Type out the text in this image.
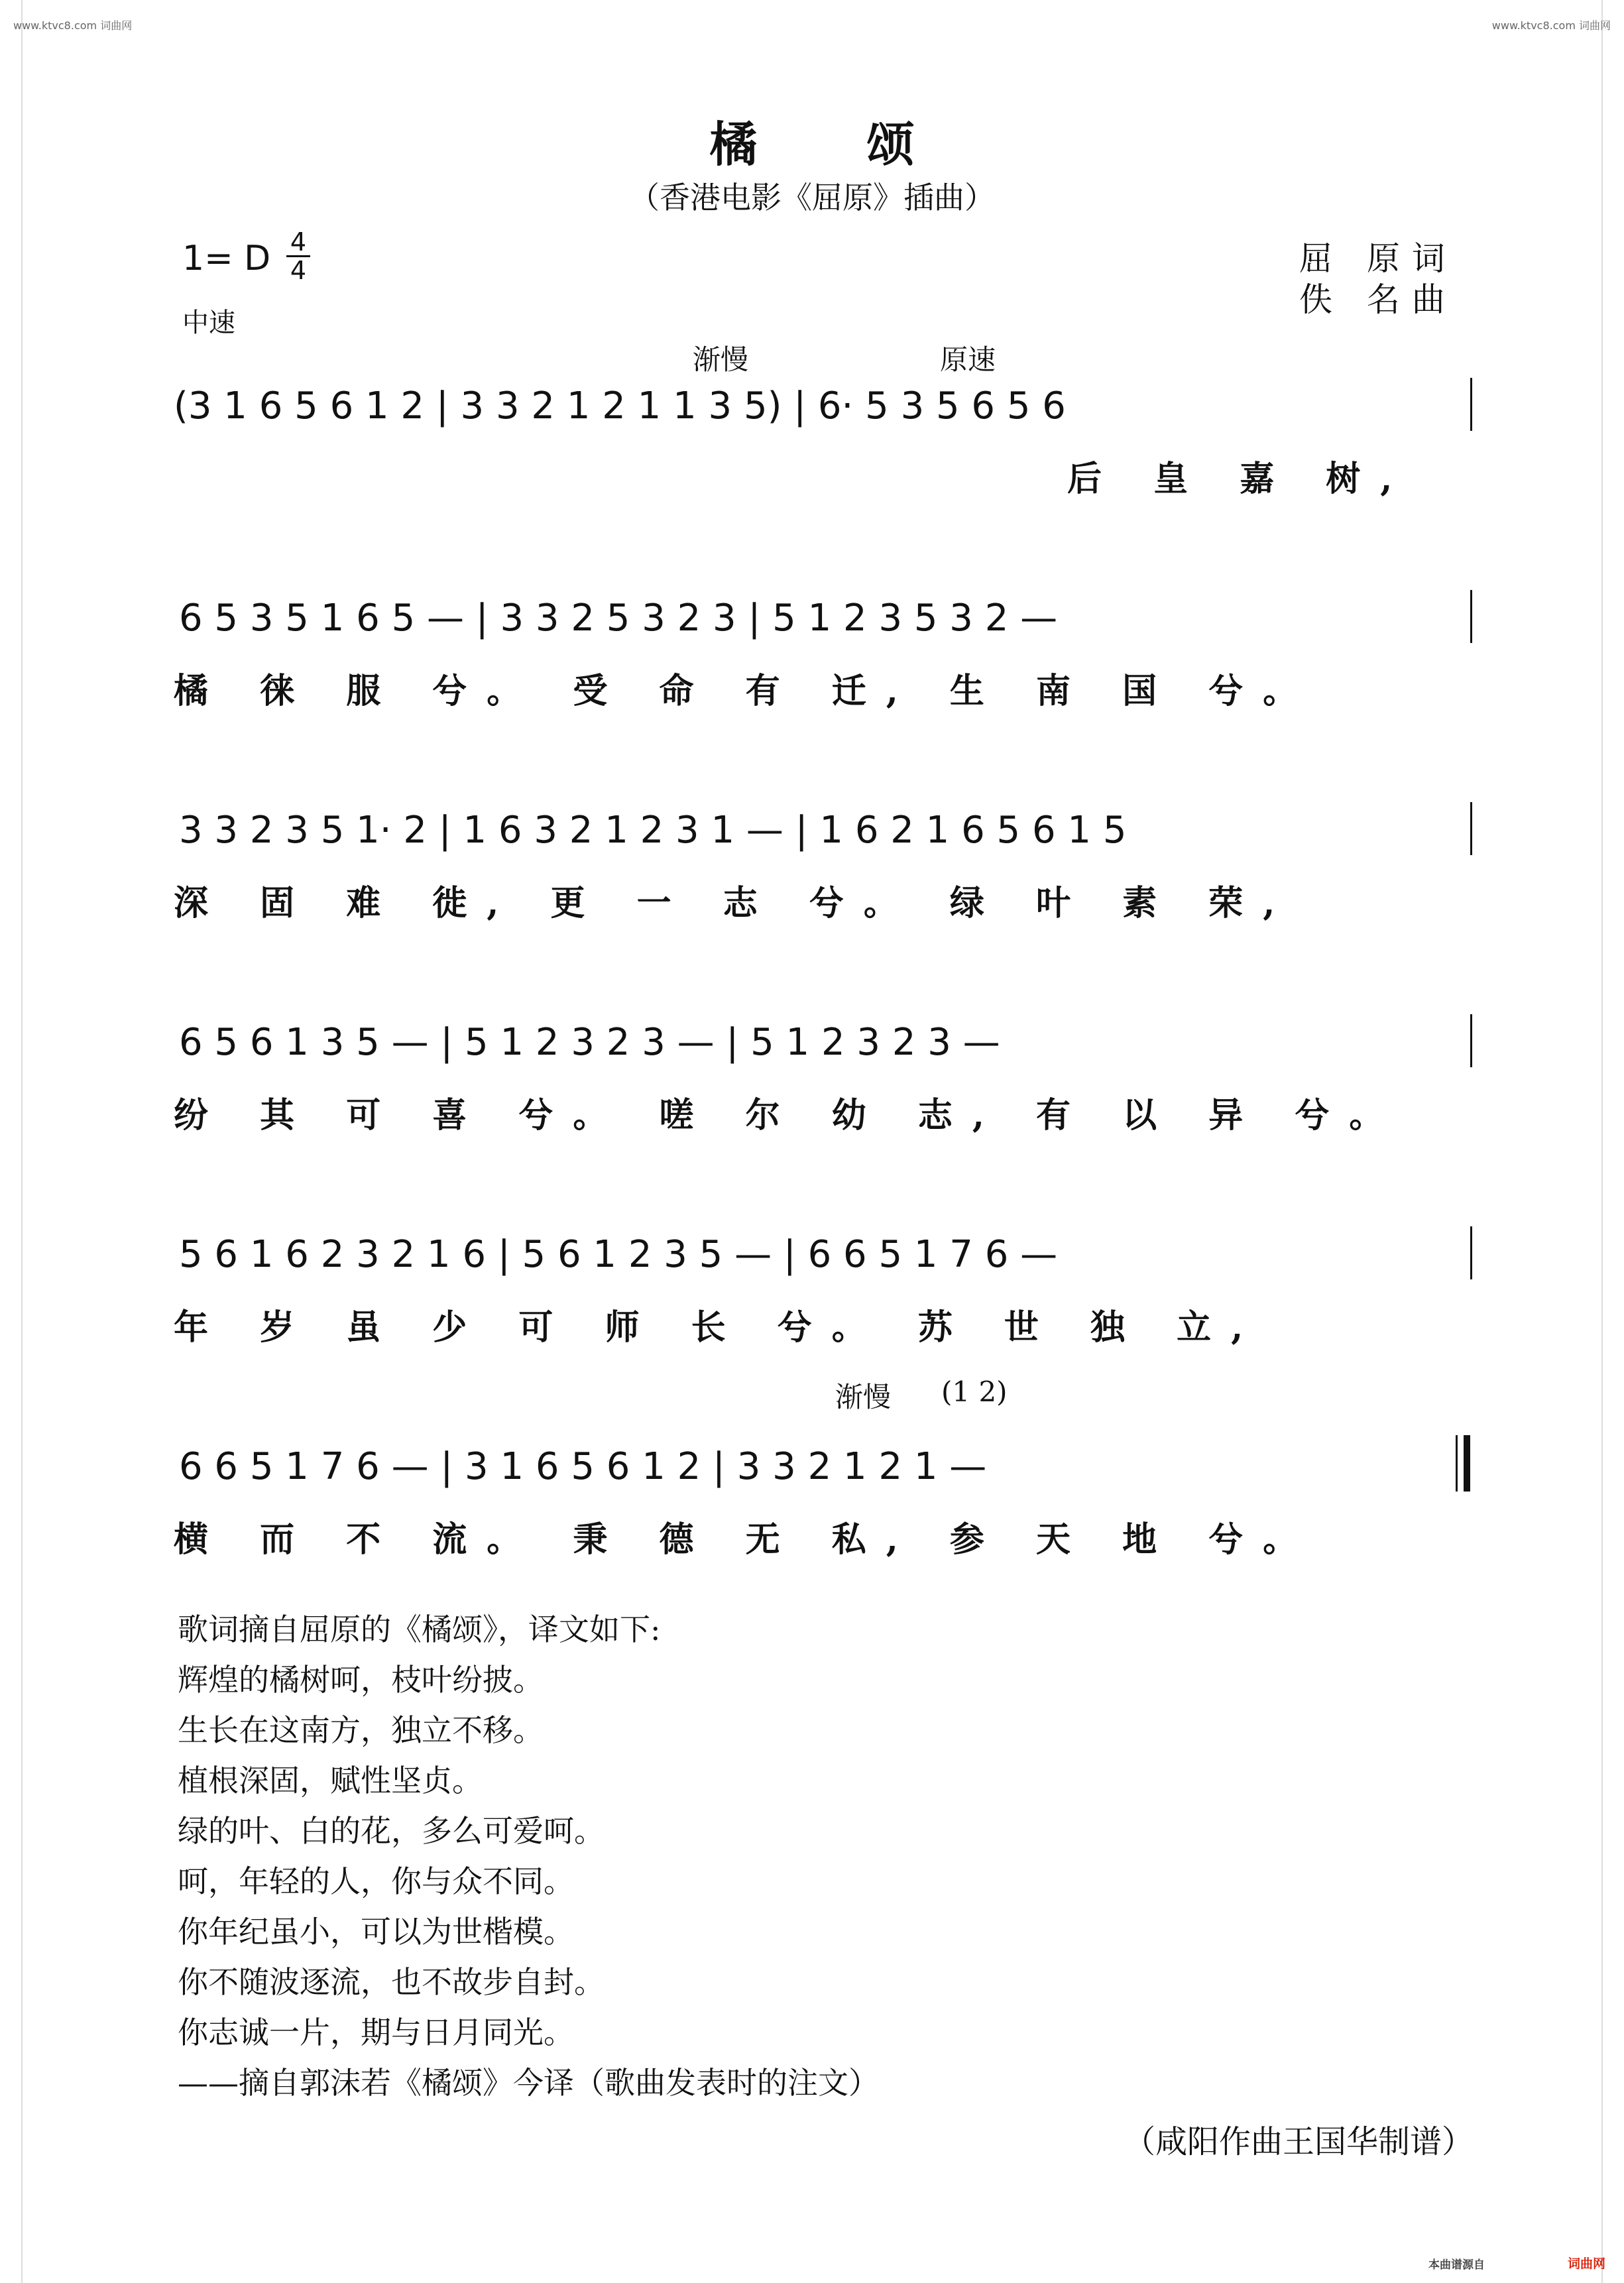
www.ktvc8.com 词曲网	www.ktvc8.com 词曲网
橘 颂
（香港电影《屈原》插曲）
1= D 4
4
中速
屈 原词
佚 名曲
渐慢	原速
(3 1 6 5 6 1 2 | 3 3 2 1 2 1 1 3 5) | 6· 5 3 5 6 5 6
后 皇 嘉 树,
6 5 3 5 1 6 5 — | 3 3 2 5 3 2 3 | 5 1 2 3 5 3 2 —
橘 徕 服 兮。 受 命 有 迁, 生 南 国 兮。
3 3 2 3 5 1· 2 | 1 6 3 2 1 2 3 1 — | 1 6 2 1 6 5 6 1 5
深 固 难 徙, 更 一 志 兮。 绿 叶 素 荣,
6 5 6 1 3 5 — | 5 1 2 3 2 3 — | 5 1 2 3 2 3 —
纷 其 可 喜 兮。 嗟 尔 幼 志, 有 以 异 兮。
5 6 1 6 2 3 2 1 6 | 5 6 1 2 3 5 — | 6 6 5 1 7 6 —
年 岁 虽 少 可 师 长 兮。 苏 世 独 立,
渐慢 (1 2)
6 6 5 1 7 6 — | 3 1 6 5 6 1 2 | 3 3 2 1 2 1 —
横 而 不 流。 秉 德 无 私, 参 天 地 兮。
歌词摘自屈原的《橘颂》，译文如下:
辉煌的橘树呵，枝叶纷披。
生长在这南方，独立不移。
植根深固，赋性坚贞。
绿的叶、白的花，多么可爱呵。
呵，年轻的人，你与众不同。
你年纪虽小，可以为世楷模。
你不随波逐流，也不故步自封。
你志诚一片，期与日月同光。
——摘自郭沫若《橘颂》今译（歌曲发表时的注文）
（咸阳作曲王国华制谱）
本曲谱源自	词曲网
